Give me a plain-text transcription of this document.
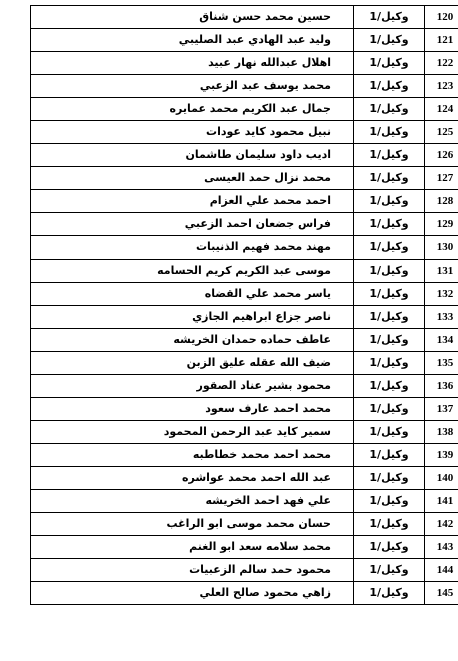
120	وكيل/1	حسين محمد حسن شناق
121	وكيل/1	وليد عبد الهادي عبد الصليبي
122	وكيل/1	اهلال عبدالله نهار عبيد
123	وكيل/1	محمد يوسف عبد الزعبي
124	وكيل/1	جمال عبد الكريم محمد عمايره
125	وكيل/1	نبيل محمود كايد عودات
126	وكيل/1	اديب داود سليمان طاشمان
127	وكيل/1	محمد نزال حمد العيسى
128	وكيل/1	احمد محمد علي العزام
129	وكيل/1	فراس جضعان احمد الزعبي
130	وكيل/1	مهند محمد فهيم الذنيبات
131	وكيل/1	موسى عبد الكريم كريم الحسامه
132	وكيل/1	ياسر محمد علي القضاه
133	وكيل/1	ناصر جزاع ابراهيم الجازي
134	وكيل/1	عاطف حماده حمدان الخريشه
135	وكيل/1	ضيف الله عقله عليق الزبن
136	وكيل/1	محمود بشير عناد الصقور
137	وكيل/1	محمد احمد عارف سعود
138	وكيل/1	سمير كايد عبد الرحمن المحمود
139	وكيل/1	محمد احمد محمد خطاطبه
140	وكيل/1	عبد الله احمد محمد عواشره
141	وكيل/1	علي فهد احمد الخريشه
142	وكيل/1	حسان محمد موسى ابو الراغب
143	وكيل/1	محمد سلامه سعد ابو الغنم
144	وكيل/1	محمود حمد سالم الزعبيات
145	وكيل/1	زاهي محمود صالح العلي
